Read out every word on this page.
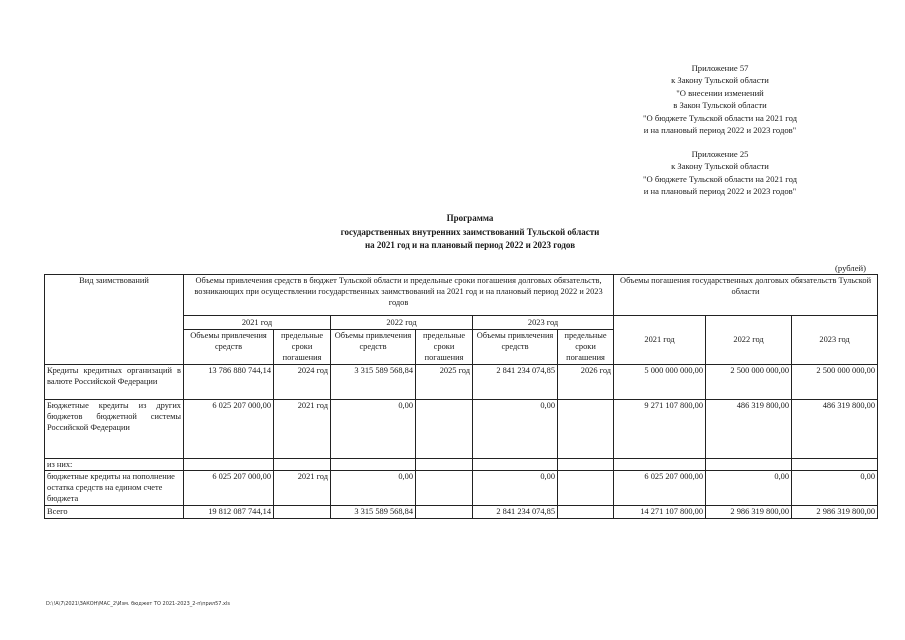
Приложение 57
к Закону Тульской области
"О внесении изменений
в Закон Тульской области
"О бюджете Тульской области на 2021 год
и на плановый период 2022 и 2023 годов"
Приложение 25
к Закону Тульской области
"О бюджете Тульской области на 2021 год
и на плановый период 2022 и 2023 годов"
Программа
государственных внутренних заимствований Тульской области
на 2021 год и на плановый период 2022 и 2023 годов
(рублей)
Вид заимствований	Объемы привлечения средств в бюджет Тульской области и предельные сроки погашения долговых обязательств, возникающих при осуществлении государственных заимствований на 2021 год и на плановый период 2022 и 2023 годов						Объемы погашения государственных долговых обязательств Тульской области		
	2021 год		2022 год		2023 год		2021 год	2022 год	2023 год
	Объемы привлечения средств	предельные сроки погашения	Объемы привлечения средств	предельные сроки погашения	Объемы привлечения средств	предельные сроки погашения			
Кредиты кредитных организаций в валюте Российской Федерации	13 786 880 744,14	2024 год	3 315 589 568,84	2025 год	2 841 234 074,85	2026 год	5 000 000 000,00	2 500 000 000,00	2 500 000 000,00
Бюджетные кредиты из других бюджетов бюджетной системы Российской Федерации	6 025 207 000,00	2021 год	0,00		0,00		9 271 107 800,00	486 319 800,00	486 319 800,00
из них:									
бюджетные кредиты на пополнение остатка средств на едином счете бюджета	6 025 207 000,00	2021 год	0,00		0,00		6 025 207 000,00	0,00	0,00
Всего	19 812 087 744,14		3 315 589 568,84		2 841 234 074,85		14 271 107 800,00	2 986 319 800,00	2 986 319 800,00
D:\!А\7\2021\ЗАКОН\МАС_2\Изм. бюджет ТО 2021-2023_2-п\прил57.xls
